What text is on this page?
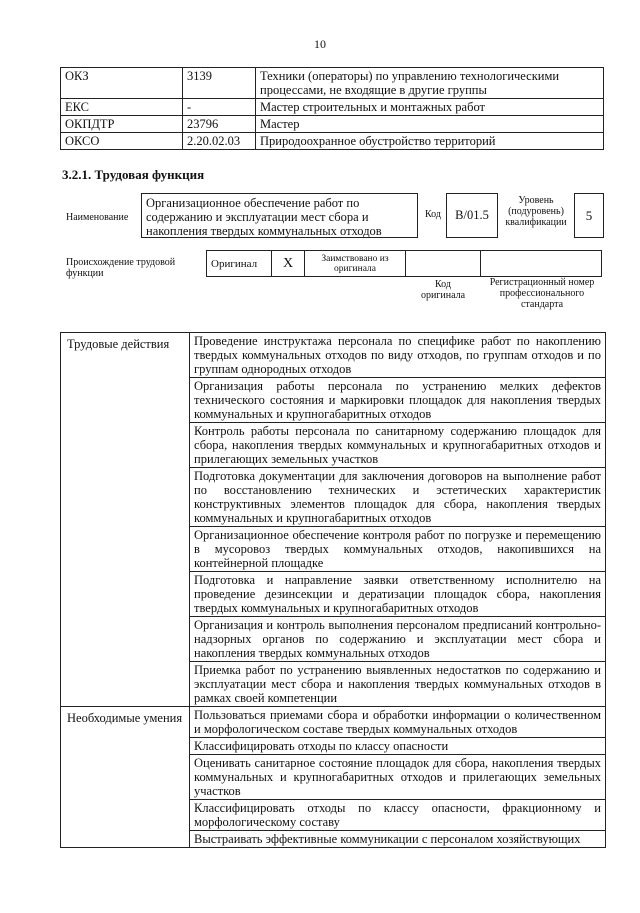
10
ОКЗ	3139	Техники (операторы) по управлению технологическими процессами, не входящие в другие группы
ЕКС	-	Мастер строительных и монтажных работ
ОКПДТР	23796	Мастер
ОКСО	2.20.02.03	Природоохранное обустройство территорий
3.2.1. Трудовая функция
Наименование
Организационное обеспечение работ по содержанию и эксплуатации мест сбора и накопления твердых коммунальных отходов
Код	В/01.5
Уровень (подуровень) квалификации	5
Происхождение трудовой функции
Оригинал	X	Заимствовано из оригинала		
Код оригинала
Регистрационный номер профессионального стандарта
Трудовые действия	Проведение инструктажа персонала по специфике работ по накоплению твердых коммунальных отходов по виду отходов, по группам отходов и по группам однородных отходов
	Организация работы персонала по устранению мелких дефектов технического состояния и маркировки площадок для накопления твердых коммунальных и крупногабаритных отходов
	Контроль работы персонала по санитарному содержанию площадок для сбора, накопления твердых коммунальных и крупногабаритных отходов и прилегающих земельных участков
	Подготовка документации для заключения договоров на выполнение работ по восстановлению технических и эстетических характеристик конструктивных элементов площадок для сбора, накопления твердых коммунальных и крупногабаритных отходов
	Организационное обеспечение контроля работ по погрузке и перемещению в мусоровоз твердых коммунальных отходов, накопившихся на контейнерной площадке
	Подготовка и направление заявки ответственному исполнителю на проведение дезинсекции и дератизации площадок сбора, накопления твердых коммунальных и крупногабаритных отходов
	Организация и контроль выполнения персоналом предписаний контрольно-надзорных органов по содержанию и эксплуатации мест сбора и накопления твердых коммунальных отходов
	Приемка работ по устранению выявленных недостатков по содержанию и эксплуатации мест сбора и накопления твердых коммунальных отходов в рамках своей компетенции
Необходимые умения	Пользоваться приемами сбора и обработки информации о количественном и морфологическом составе твердых коммунальных отходов
	Классифицировать отходы по классу опасности
	Оценивать санитарное состояние площадок для сбора, накопления твердых коммунальных и крупногабаритных отходов и прилегающих земельных участков
	Классифицировать отходы по классу опасности, фракционному и морфологическому составу
	Выстраивать эффективные коммуникации с персоналом хозяйствующих
